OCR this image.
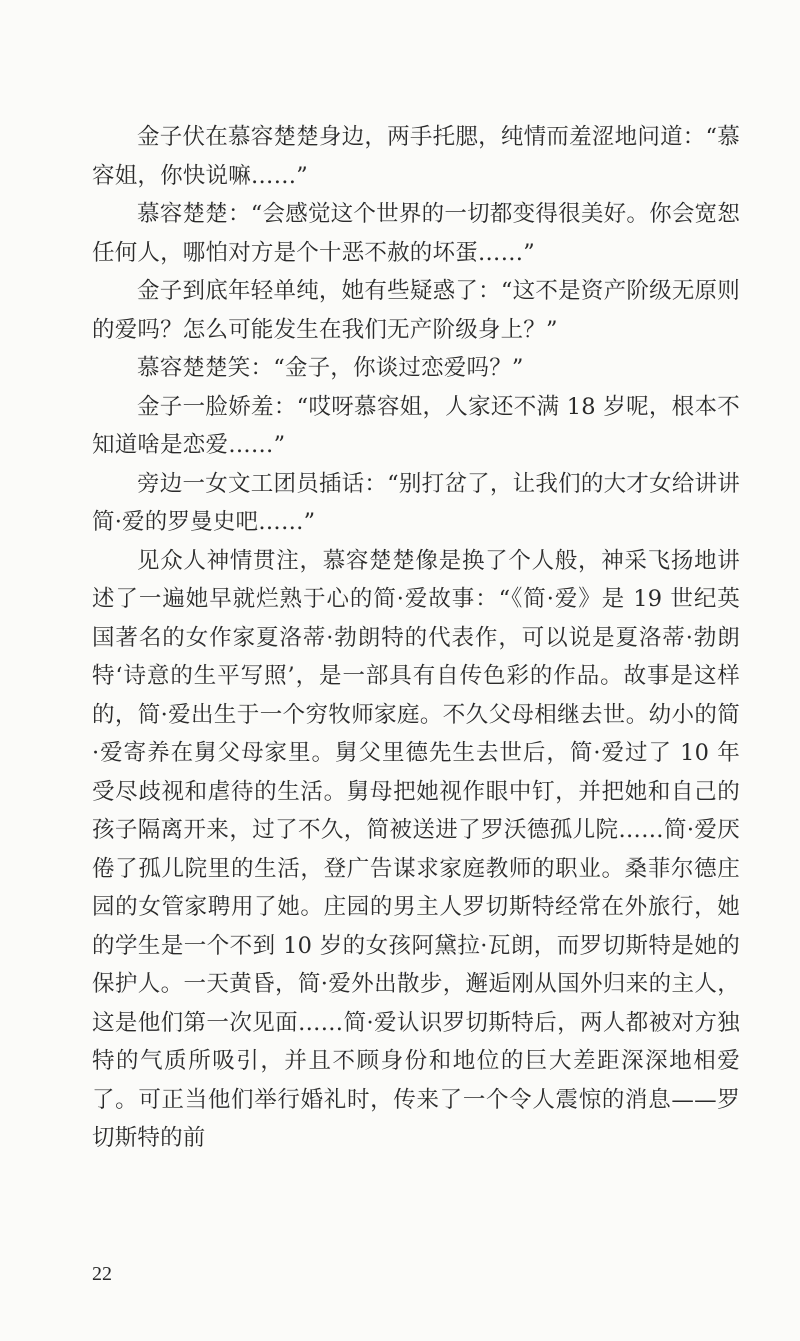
金子伏在慕容楚楚身边，两手托腮，纯情而羞涩地问道：“慕容姐，你快说嘛……”

慕容楚楚：“会感觉这个世界的一切都变得很美好。你会宽恕任何人，哪怕对方是个十恶不赦的坏蛋……”

金子到底年轻单纯，她有些疑惑了：“这不是资产阶级无原则的爱吗？怎么可能发生在我们无产阶级身上？”

慕容楚楚笑：“金子，你谈过恋爱吗？”

金子一脸娇羞：“哎呀慕容姐，人家还不满 18 岁呢，根本不知道啥是恋爱……”

旁边一女文工团员插话：“别打岔了，让我们的大才女给讲讲简·爱的罗曼史吧……”

见众人神情贯注，慕容楚楚像是换了个人般，神采飞扬地讲述了一遍她早就烂熟于心的简·爱故事：“《简·爱》是 19 世纪英国著名的女作家夏洛蒂·勃朗特的代表作，可以说是夏洛蒂·勃朗特‘诗意的生平写照’，是一部具有自传色彩的作品。故事是这样的，简·爱出生于一个穷牧师家庭。不久父母相继去世。幼小的简·爱寄养在舅父母家里。舅父里德先生去世后，简·爱过了 10 年受尽歧视和虐待的生活。舅母把她视作眼中钉，并把她和自己的孩子隔离开来，过了不久，简被送进了罗沃德孤儿院……简·爱厌倦了孤儿院里的生活，登广告谋求家庭教师的职业。桑菲尔德庄园的女管家聘用了她。庄园的男主人罗切斯特经常在外旅行，她的学生是一个不到 10 岁的女孩阿黛拉·瓦朗，而罗切斯特是她的保护人。一天黄昏，简·爱外出散步，邂逅刚从国外归来的主人，这是他们第一次见面……简·爱认识罗切斯特后，两人都被对方独特的气质所吸引，并且不顾身份和地位的巨大差距深深地相爱了。可正当他们举行婚礼时，传来了一个令人震惊的消息——罗切斯特的前

22
